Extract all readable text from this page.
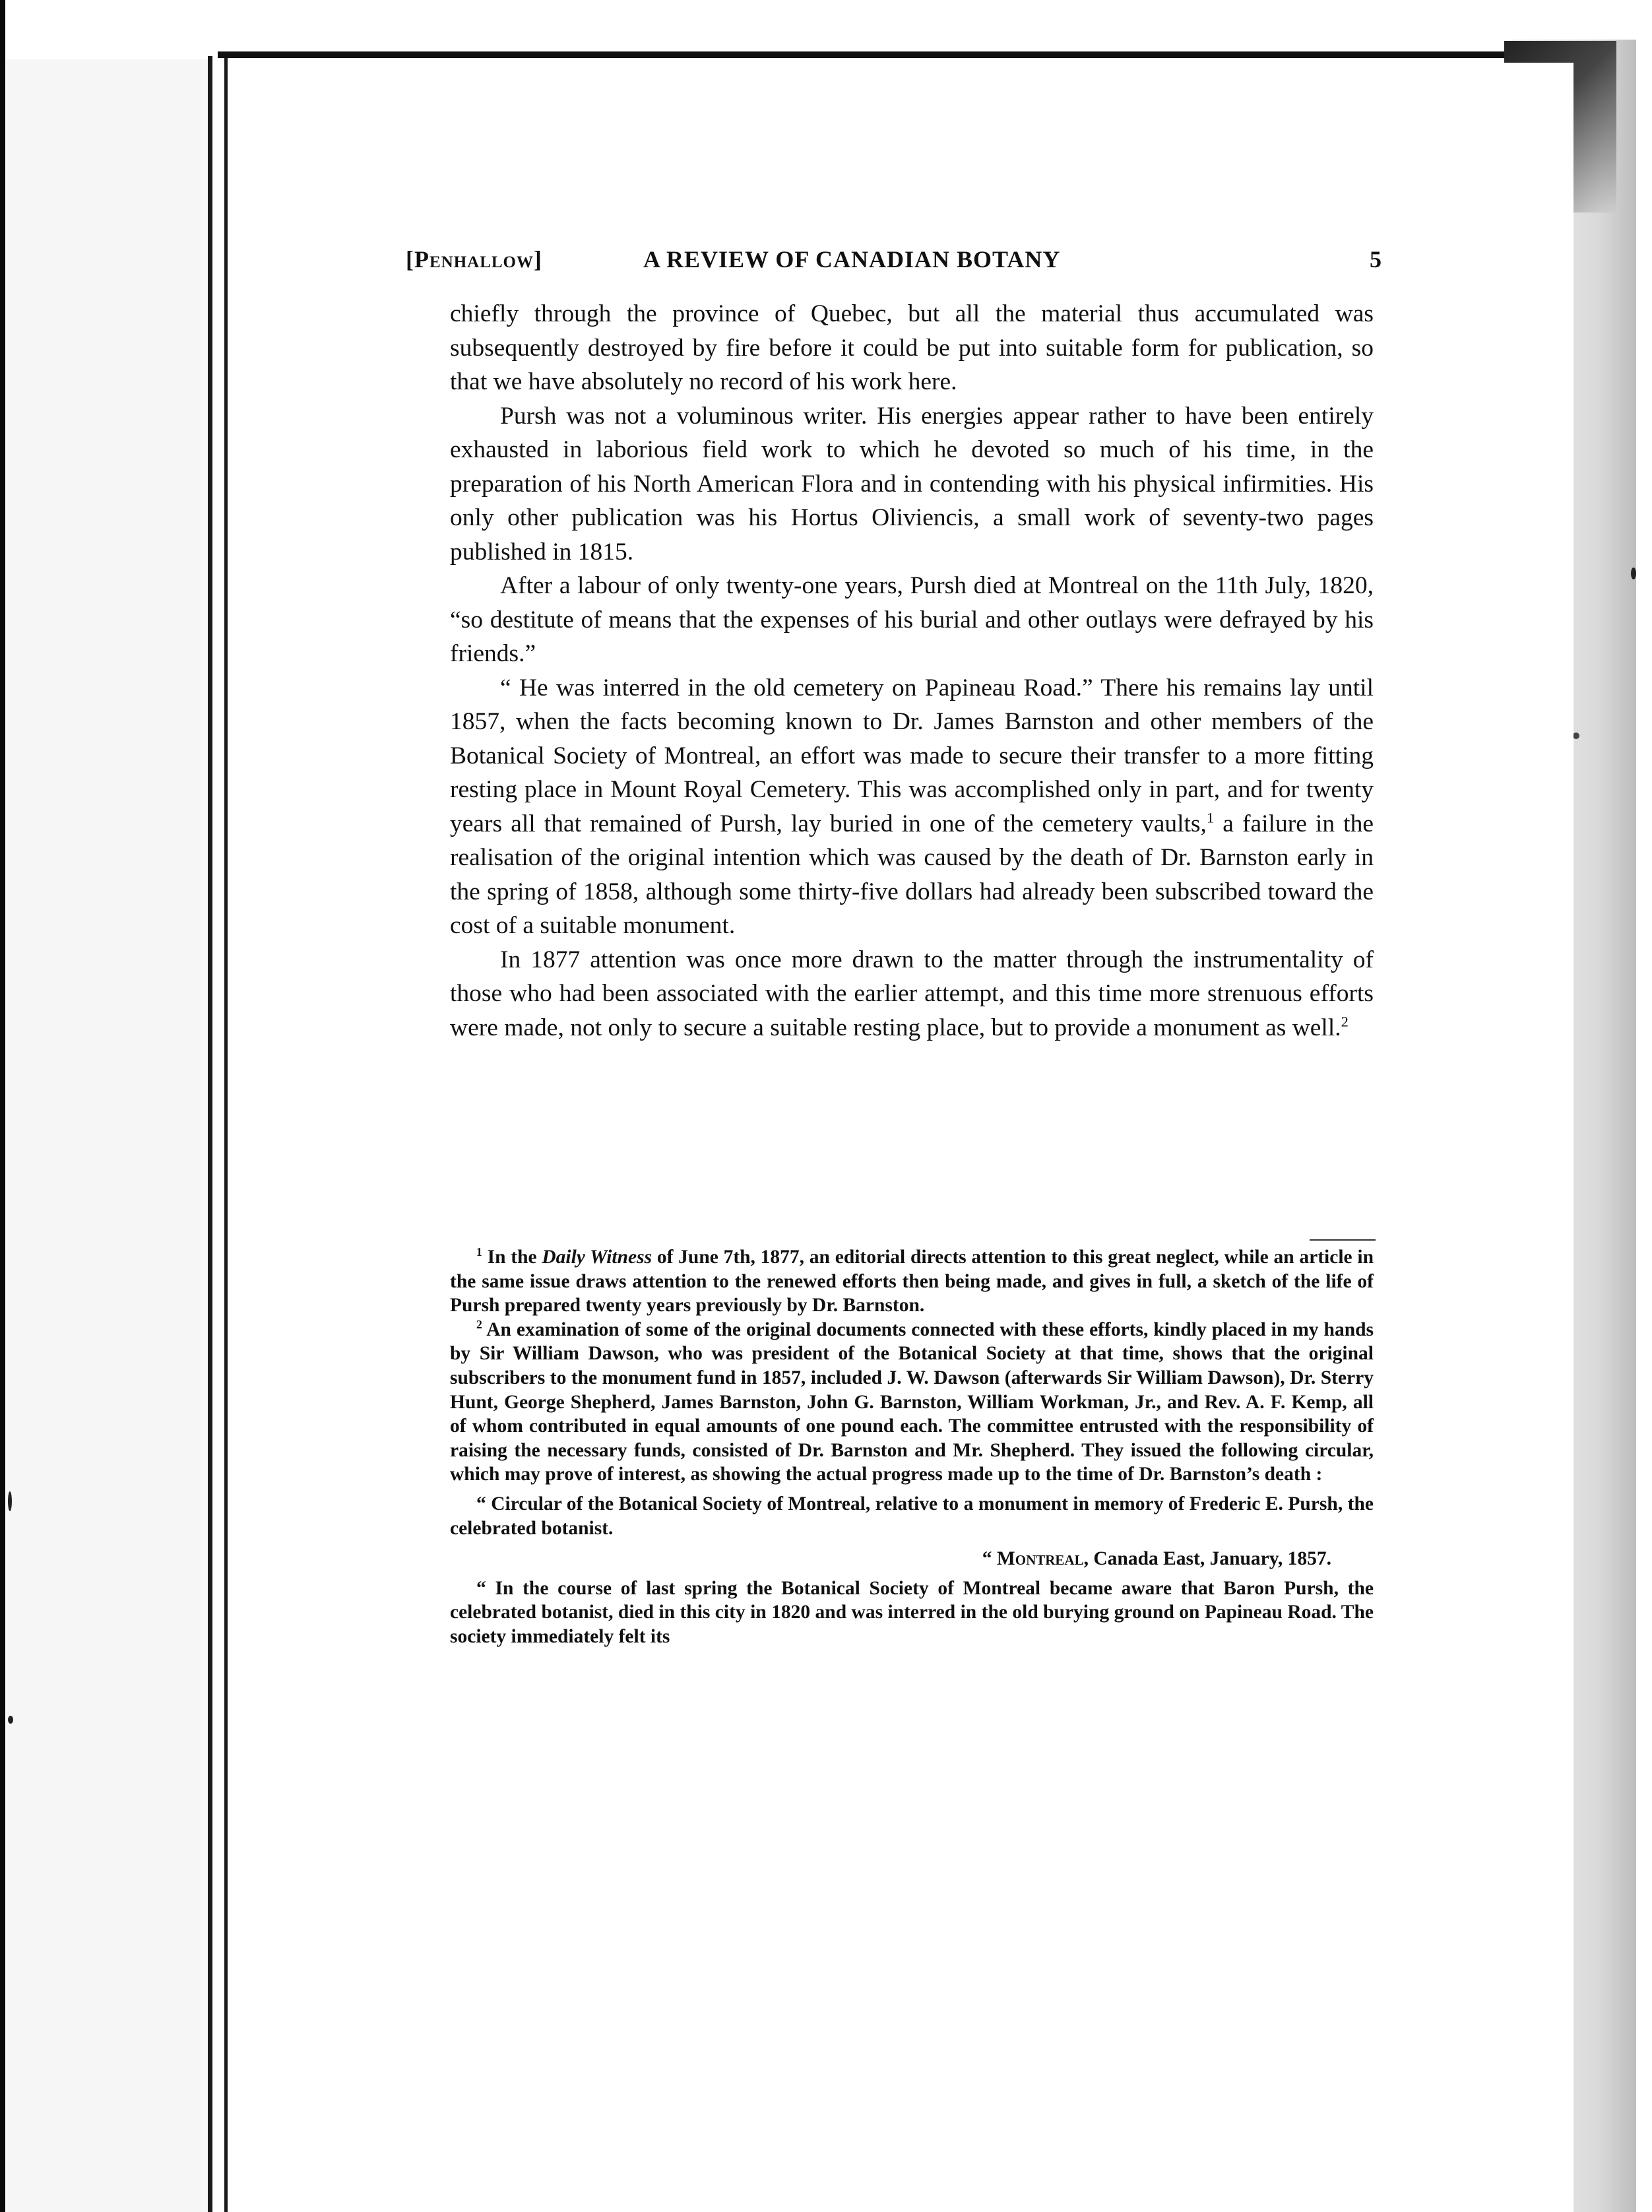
[Penhallow]	A REVIEW OF CANADIAN BOTANY	5

chiefly through the province of Quebec, but all the material thus accumulated was subsequently destroyed by fire before it could be put into suitable form for publication, so that we have absolutely no record of his work here.

Pursh was not a voluminous writer. His energies appear rather to have been entirely exhausted in laborious field work to which he devoted so much of his time, in the preparation of his North American Flora and in contending with his physical infirmities. His only other publication was his Hortus Oliviencis, a small work of seventy-two pages published in 1815.

After a labour of only twenty-one years, Pursh died at Montreal on the 11th July, 1820, “so destitute of means that the expenses of his burial and other outlays were defrayed by his friends.”

“ He was interred in the old cemetery on Papineau Road.” There his remains lay until 1857, when the facts becoming known to Dr. James Barnston and other members of the Botanical Society of Montreal, an effort was made to secure their transfer to a more fitting resting place in Mount Royal Cemetery. This was accomplished only in part, and for twenty years all that remained of Pursh, lay buried in one of the cemetery vaults,$^1$ a failure in the realisation of the original intention which was caused by the death of Dr. Barnston early in the spring of 1858, although some thirty-five dollars had already been subscribed toward the cost of a suitable monument.

In 1877 attention was once more drawn to the matter through the instrumentality of those who had been associated with the earlier attempt, and this time more strenuous efforts were made, not only to secure a suitable resting place, but to provide a monument as well.$^2$

$^1$ In the Daily Witness of June 7th, 1877, an editorial directs attention to this great neglect, while an article in the same issue draws attention to the renewed efforts then being made, and gives in full, a sketch of the life of Pursh prepared twenty years previously by Dr. Barnston.

$^2$ An examination of some of the original documents connected with these efforts, kindly placed in my hands by Sir William Dawson, who was president of the Botanical Society at that time, shows that the original subscribers to the monument fund in 1857, included J. W. Dawson (afterwards Sir William Dawson), Dr. Sterry Hunt, George Shepherd, James Barnston, John G. Barnston, William Workman, Jr., and Rev. A. F. Kemp, all of whom contributed in equal amounts of one pound each. The committee entrusted with the responsibility of raising the necessary funds, consisted of Dr. Barnston and Mr. Shepherd. They issued the following circular, which may prove of interest, as showing the actual progress made up to the time of Dr. Barnston’s death :

“ Circular of the Botanical Society of Montreal, relative to a monument in memory of Frederic E. Pursh, the celebrated botanist.

“ Montreal, Canada East, January, 1857.

“ In the course of last spring the Botanical Society of Montreal became aware that Baron Pursh, the celebrated botanist, died in this city in 1820 and was interred in the old burying ground on Papineau Road. The society immediately felt its
